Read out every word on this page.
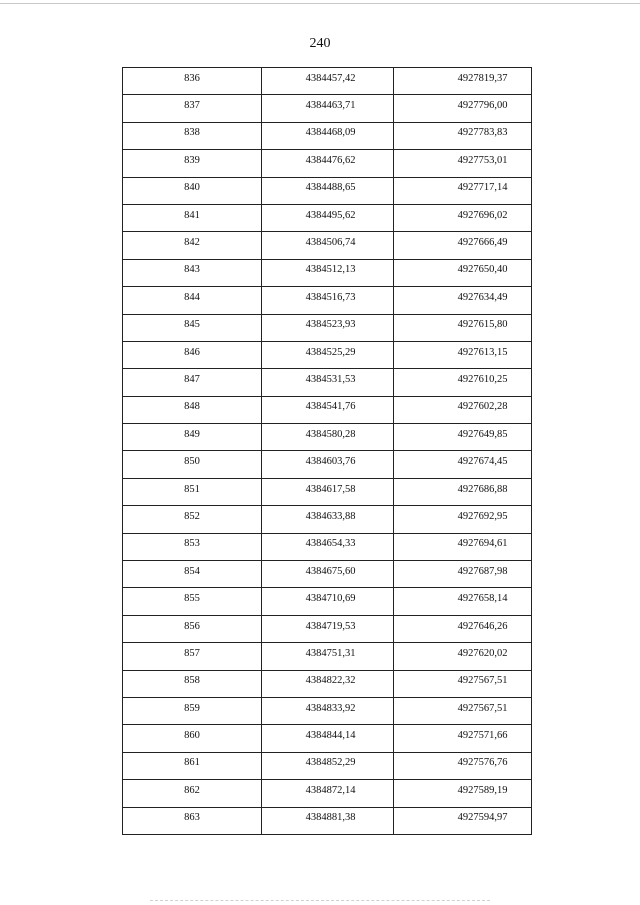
240
836	4384457,42	4927819,37
837	4384463,71	4927796,00
838	4384468,09	4927783,83
839	4384476,62	4927753,01
840	4384488,65	4927717,14
841	4384495,62	4927696,02
842	4384506,74	4927666,49
843	4384512,13	4927650,40
844	4384516,73	4927634,49
845	4384523,93	4927615,80
846	4384525,29	4927613,15
847	4384531,53	4927610,25
848	4384541,76	4927602,28
849	4384580,28	4927649,85
850	4384603,76	4927674,45
851	4384617,58	4927686,88
852	4384633,88	4927692,95
853	4384654,33	4927694,61
854	4384675,60	4927687,98
855	4384710,69	4927658,14
856	4384719,53	4927646,26
857	4384751,31	4927620,02
858	4384822,32	4927567,51
859	4384833,92	4927567,51
860	4384844,14	4927571,66
861	4384852,29	4927576,76
862	4384872,14	4927589,19
863	4384881,38	4927594,97
